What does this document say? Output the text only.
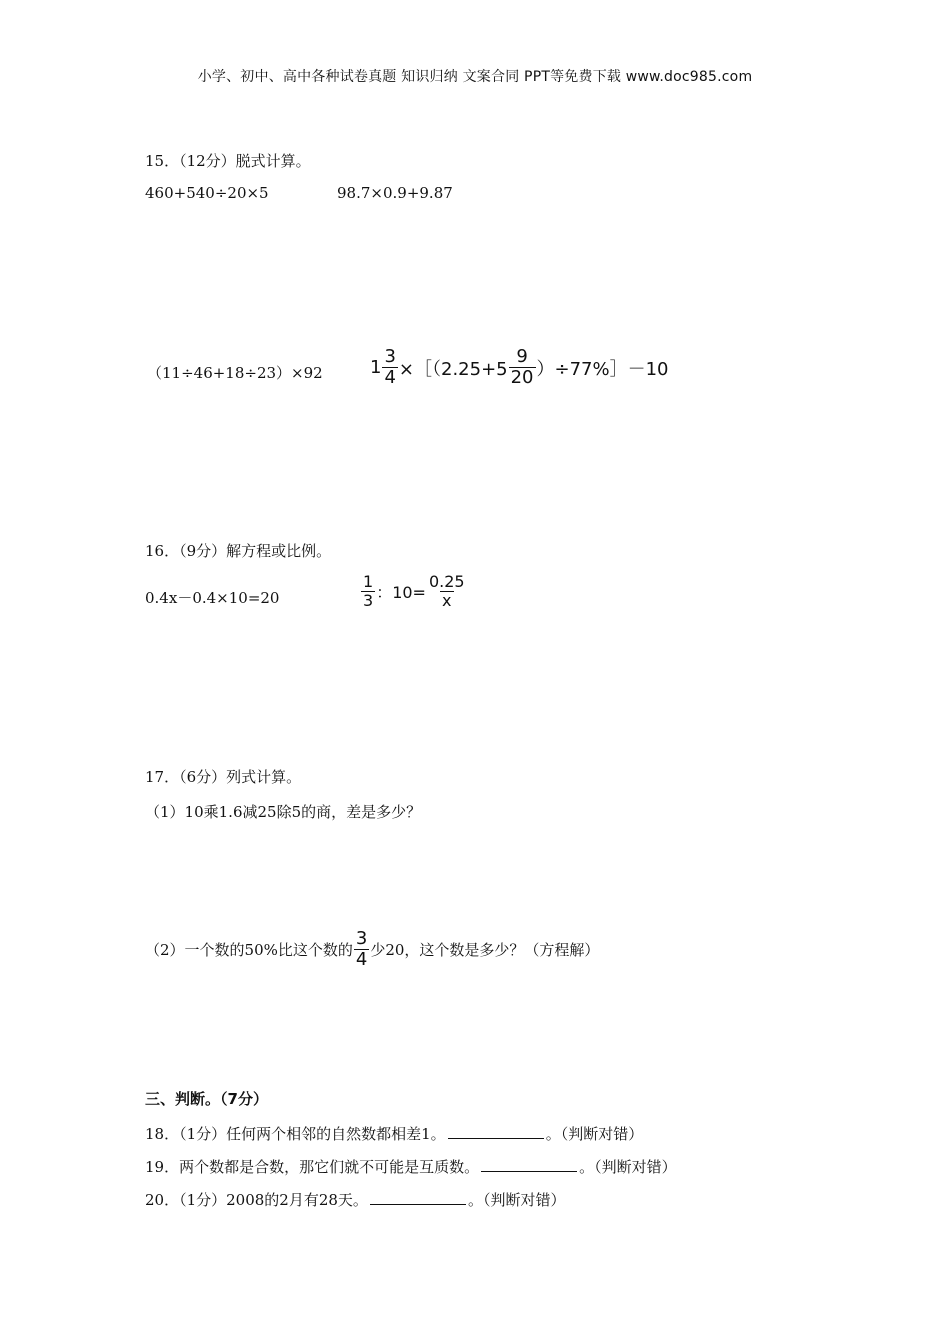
小学、初中、高中各种试卷真题 知识归纳 文案合同 PPT等免费下载 www.doc985.com
15．（12分）脱式计算。
460+540÷20×5	98.7×0.9+9.87
（11÷46+18÷23）×92	$1 \frac{3}{4}$ ×［（2.25+5 $\frac{9}{20}$ ）÷77%］－10
16．（9分）解方程或比例。
0.4x－0.4×10=20	$\frac{1}{3}$ ：$10= \frac{0.25}{x}$
17．（6分）列式计算。
（1）10乘1.6减25除5的商，差是多少？
（2）一个数的50%比这个数的 $\frac{3}{4}$ 少20，这个数是多少？（方程解）
三、判断。（7分）
18．（1分）任何两个相邻的自然数都相差1。	。（判断对错）
19．两个数都是合数，那它们就不可能是互质数。	。（判断对错）
20．（1分）2008的2月有28天。	。（判断对错）
